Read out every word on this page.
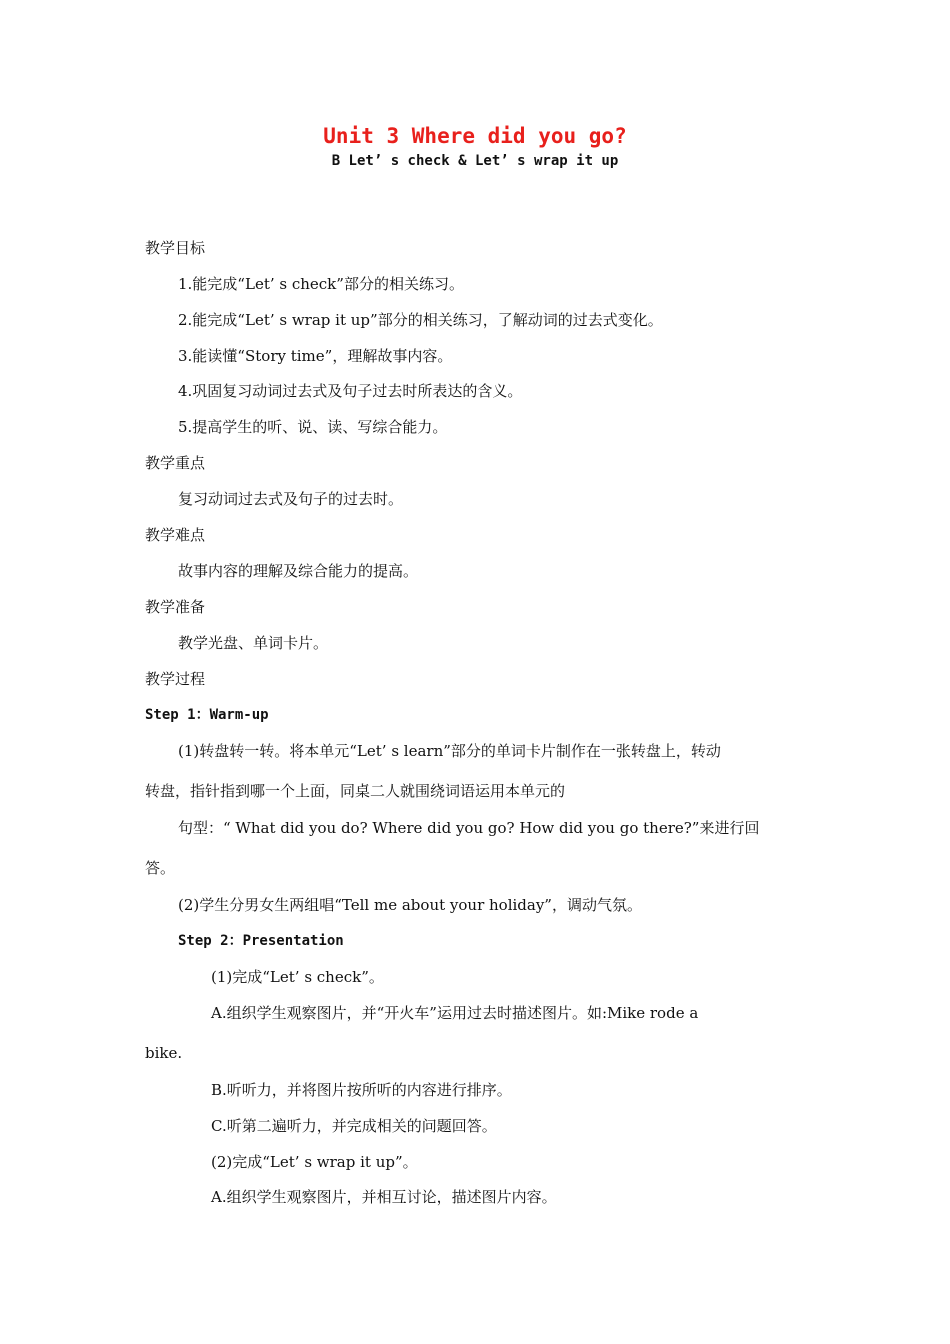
Unit 3 Where did you go?
B Let’ s check & Let’ s wrap it up
教学目标
1.能完成“Let’ s check”部分的相关练习。
2.能完成“Let’ s wrap it up”部分的相关练习，了解动词的过去式变化。
3.能读懂“Story time”，理解故事内容。
4.巩固复习动词过去式及句子过去时所表达的含义。
5.提高学生的听、说、读、写综合能力。
教学重点
复习动词过去式及句子的过去时。
教学难点
故事内容的理解及综合能力的提高。
教学准备
教学光盘、单词卡片。
教学过程
Step 1：Warm-up
(1)转盘转一转。将本单元“Let’ s learn”部分的单词卡片制作在一张转盘上，转动
转盘，指针指到哪一个上面，同桌二人就围绕词语运用本单元的
句型：“ What did you do? Where did you go? How did you go there?”来进行回
答。
(2)学生分男女生两组唱“Tell me about your holiday”，调动气氛。
Step 2：Presentation
(1)完成“Let’ s check”。
A.组织学生观察图片，并“开火车”运用过去时描述图片。如:Mike rode a
bike.
B.听听力，并将图片按所听的内容进行排序。
C.听第二遍听力，并完成相关的问题回答。
(2)完成“Let’ s wrap it up”。
A.组织学生观察图片，并相互讨论，描述图片内容。
